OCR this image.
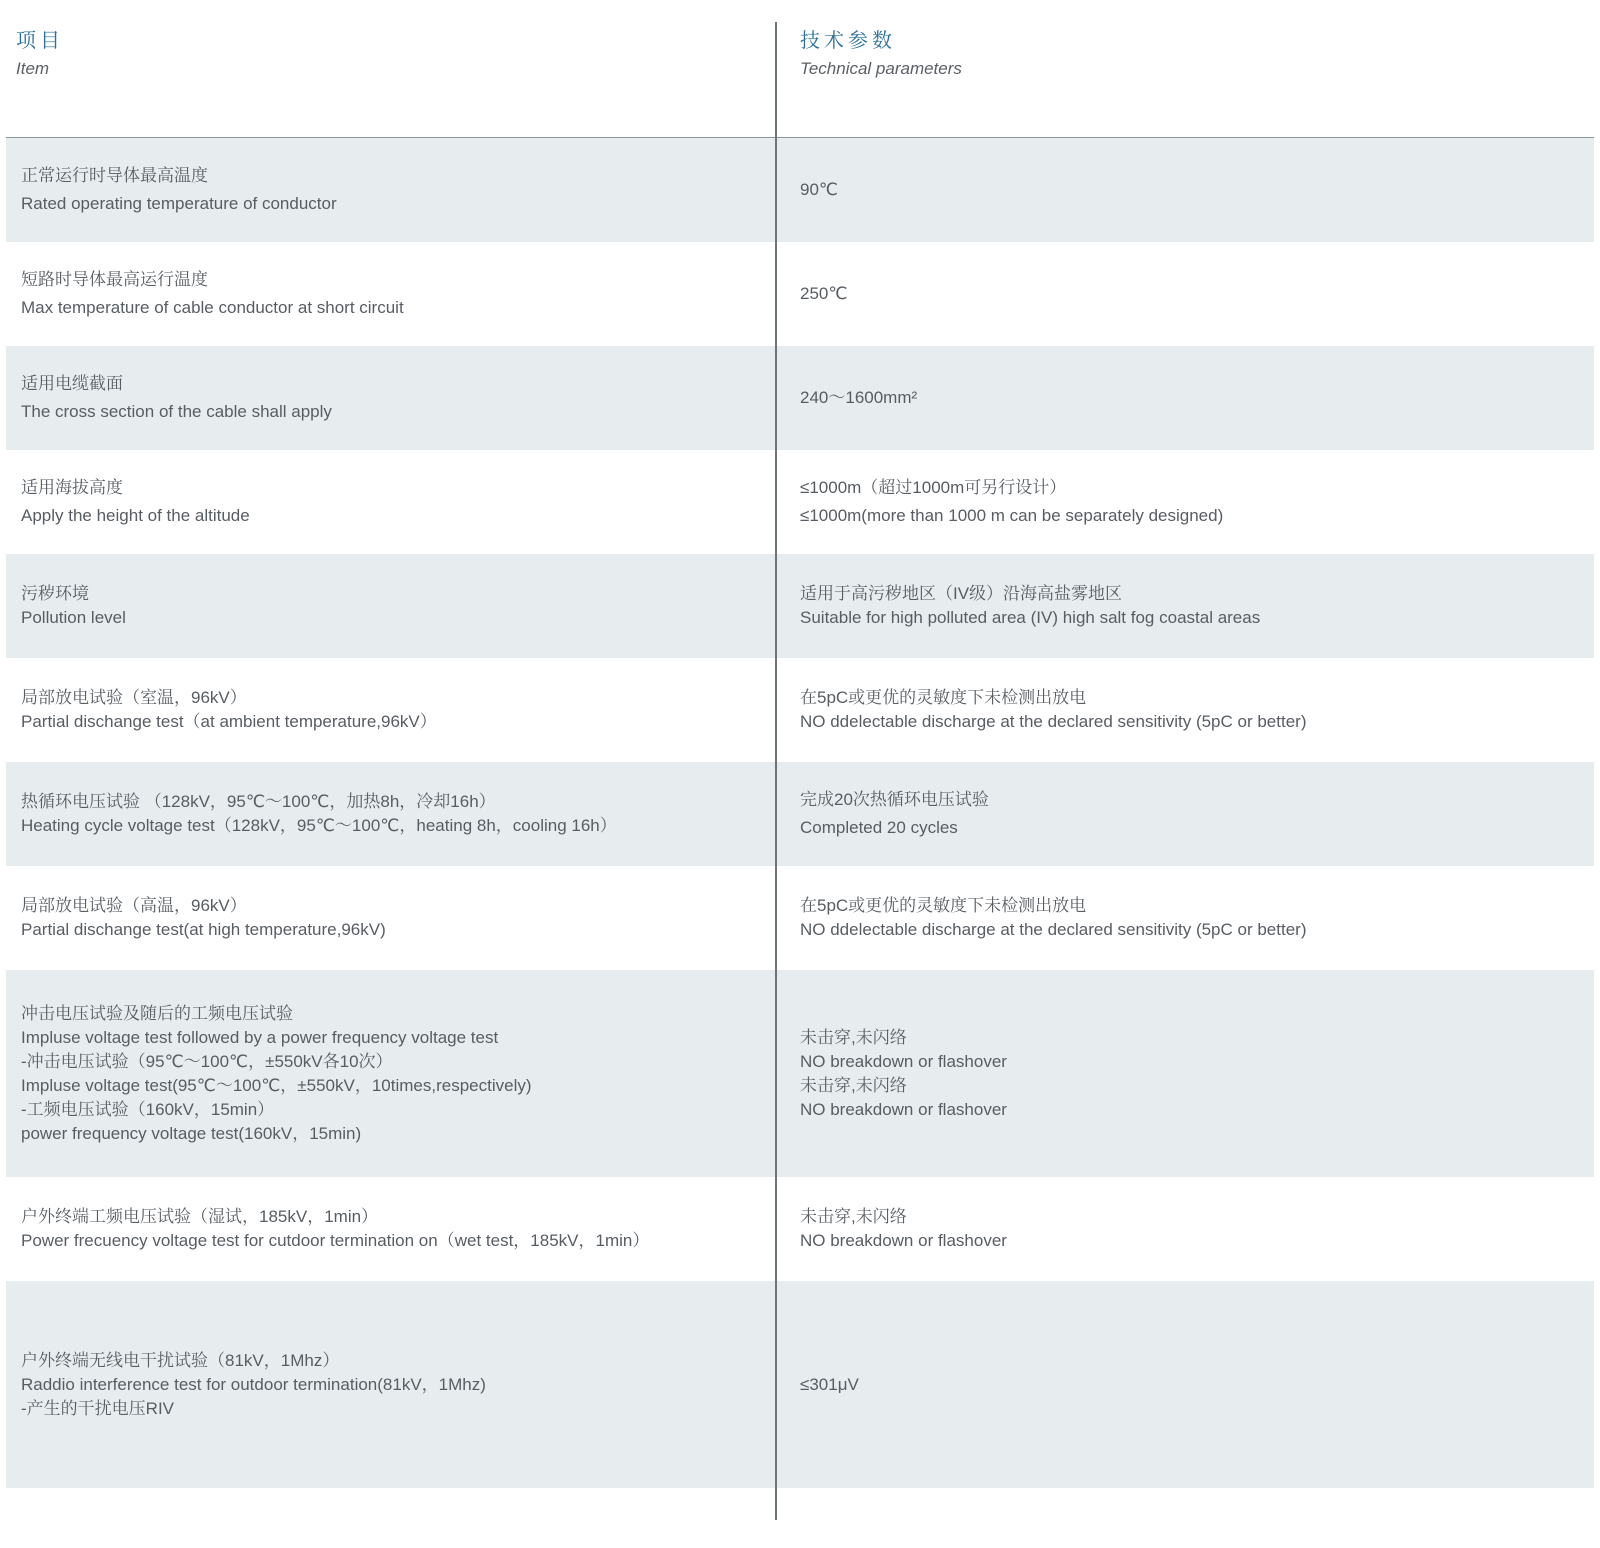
项目
Item
技术参数
Technical parameters
正常运行时导体最高温度
Rated operating temperature of conductor
90℃
短路时导体最高运行温度
Max temperature of cable conductor at short circuit
250℃
适用电缆截面
The cross section of the cable shall apply
240～1600mm²
适用海拔高度
Apply the height of the altitude
≤1000m（超过1000m可另行设计）
≤1000m(more than 1000 m can be separately designed)
污秽环境
Pollution level
适用于高污秽地区（IV级）沿海高盐雾地区
Suitable for high polluted area (IV) high salt fog coastal areas
局部放电试验（室温，96kV）
Partial dischange test（at ambient temperature,96kV）
在5pC或更优的灵敏度下未检测出放电
NO ddelectable discharge at the declared sensitivity (5pC or better)
热循环电压试验 （128kV，95℃～100℃，加热8h，冷却16h）
Heating cycle voltage test（128kV，95℃～100℃，heating 8h，cooling 16h）
完成20次热循环电压试验
Completed 20 cycles
局部放电试验（高温，96kV）
Partial dischange test(at high temperature,96kV)
在5pC或更优的灵敏度下未检测出放电
NO ddelectable discharge at the declared sensitivity (5pC or better)
冲击电压试验及随后的工频电压试验
Impluse voltage test followed by a power frequency voltage test
-冲击电压试验（95℃～100℃，±550kV各10次）
Impluse voltage test(95℃～100℃，±550kV，10times,respectively)
-工频电压试验（160kV，15min）
power frequency voltage test(160kV，15min)
未击穿,未闪络
NO breakdown or flashover
未击穿,未闪络
NO breakdown or flashover
户外终端工频电压试验（湿试，185kV，1min）
Power frecuency voltage test for cutdoor termination on（wet test，185kV，1min）
未击穿,未闪络
NO breakdown or flashover
户外终端无线电干扰试验（81kV，1Mhz）
Raddio interference test for outdoor termination(81kV，1Mhz)
-产生的干扰电压RIV
≤301μV
